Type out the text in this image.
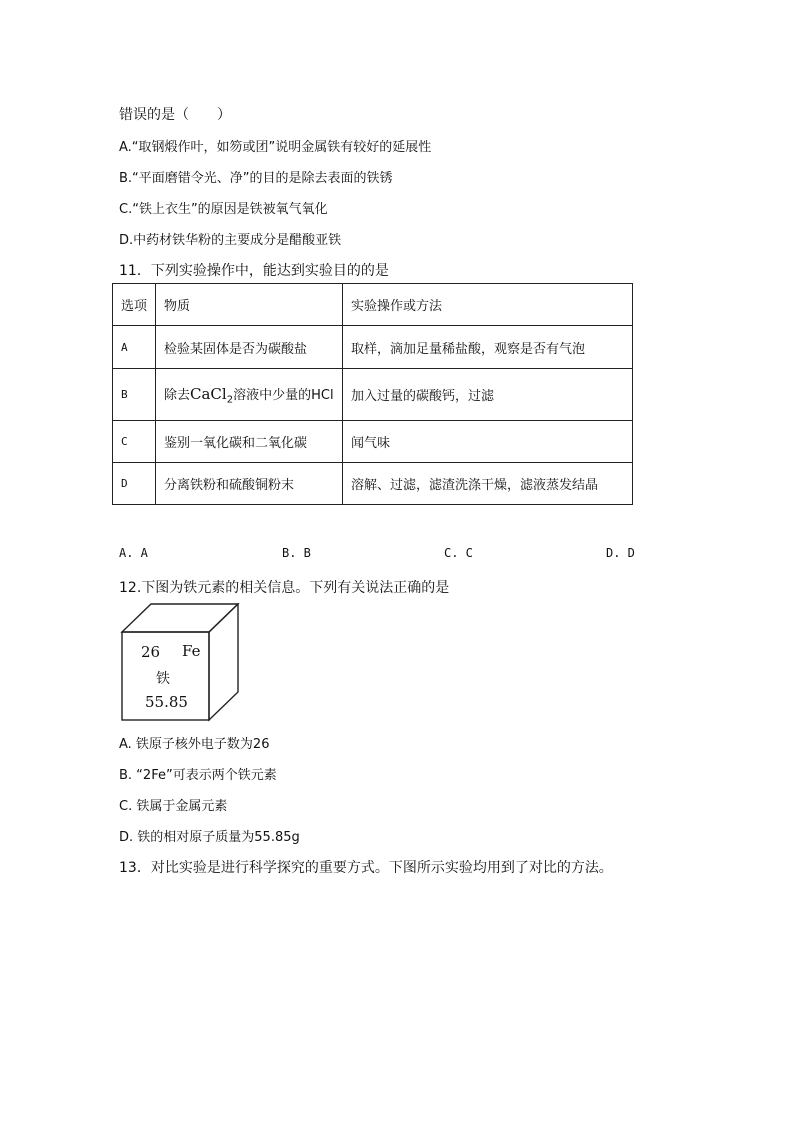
错误的是（　　）
A.“取钢煅作叶，如笏或团”说明金属铁有较好的延展性
B.“平面磨错令光、净”的目的是除去表面的铁锈
C.“铁上衣生”的原因是铁被氧气氧化
D.中药材铁华粉的主要成分是醋酸亚铁
11．下列实验操作中，能达到实验目的的是
选项	物质	实验操作或方法
A	检验某固体是否为碳酸盐	取样，滴加足量稀盐酸，观察是否有气泡
B	除去CaCl$_2$溶液中少量的HCl	加入过量的碳酸钙，过滤
C	鉴别一氧化碳和二氧化碳	闻气味
D	分离铁粉和硫酸铜粉末	溶解、过滤，滤渣洗涤干燥，滤液蒸发结晶
A. A	B. B	C. C	D. D
12.下图为铁元素的相关信息。下列有关说法正确的是
26 Fe
铁
55.85
A. 铁原子核外电子数为26
B. “2Fe”可表示两个铁元素
C. 铁属于金属元素
D. 铁的相对原子质量为55.85g
13．对比实验是进行科学探究的重要方式。下图所示实验均用到了对比的方法。
